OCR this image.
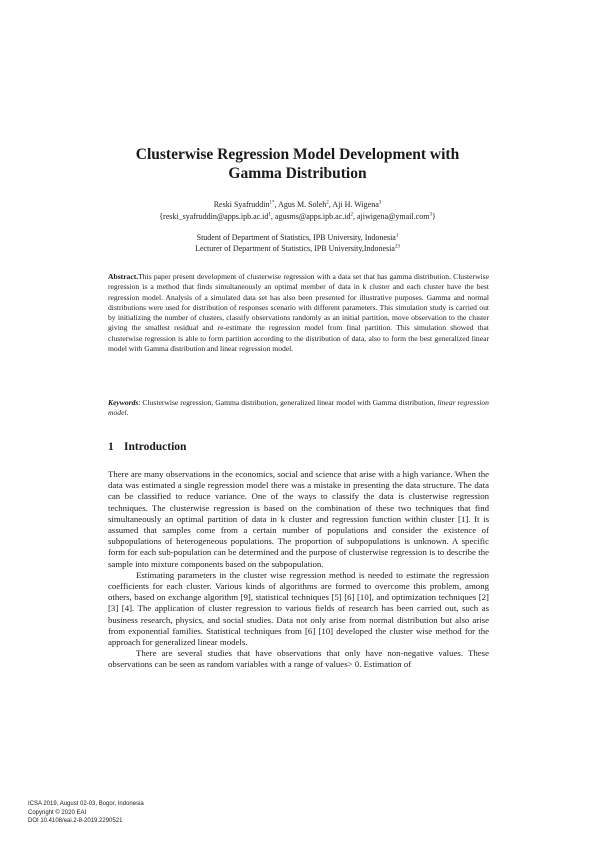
Clusterwise Regression Model Development with
Gamma Distribution
Reski Syafruddin$^{1*}$, Agus M. Soleh$^2$, Aji H. Wigena$^3$
{$reski\_syafruddin@apps.ipb.ac.id^1$, $agusms@apps.ipb.ac.id^2$, ajiwigena@ymail.com$^3$}
Student of Department of Statistics, IPB University, Indonesia$^1$
Lecturer of Department of Statistics, IPB University,Indonesia$^{23}$
Abstract.This paper present development of clusterwise regression with a data set that has gamma distribution. Clusterwise regression is a method that finds simultaneously an optimal member of data in k cluster and each cluster have the best regression model. Analysis of a simulated data set has also been presented for illustrative purposes. Gamma and normal distributions were used for distribution of responses scenario with different parameters. This simulation study is carried out by initializing the number of clusters, classify observations randomly as an initial partition, move observation to the cluster giving the smallest residual and re-estimate the regression model from final partition. This simulation showed that clusterwise regression is able to form partition according to the distribution of data, also to form the best generalized linear model with Gamma distribution and linear regression model.
Keywords: Clusterwise regression, Gamma distribution, generalized linear model with Gamma distribution, linear regression model.
1 Introduction

There are many observations in the economics, social and science that arise with a high variance. When the data was estimated a single regression model there was a mistake in presenting the data structure. The data can be classified to reduce variance. One of the ways to classify the data is clusterwise regression techniques. The clusterwise regression is based on the combination of these two techniques that find simultaneously an optimal partition of data in k cluster and regression function within cluster [1]. It is assumed that samples come from a certain number of populations and consider the existence of subpopulations of heterogeneous populations. The proportion of subpopulations is unknown. A specific form for each sub-population can be determined and the purpose of clusterwise regression is to describe the sample into mixture components based on the subpopulation.

Estimating parameters in the cluster wise regression method is needed to estimate the regression coefficients for each cluster. Various kinds of algorithms are formed to overcome this problem, among others, based on exchange algorithm [9], statistical techniques [5] [6] [10], and optimization techniques [2] [3] [4]. The application of cluster regression to various fields of research has been carried out, such as business research, physics, and social studies. Data not only arise from normal distribution but also arise from exponential families. Statistical techniques from [6] [10] developed the cluster wise method for the approach for generalized linear models.

There are several studies that have observations that only have non-negative values. These observations can be seen as random variables with a range of values> 0. Estimation of

ICSA 2019, August 02-03, Bogor, Indonesia
Copyright © 2020 EAI
DOI 10.4108/eai.2-8-2019.2290521
